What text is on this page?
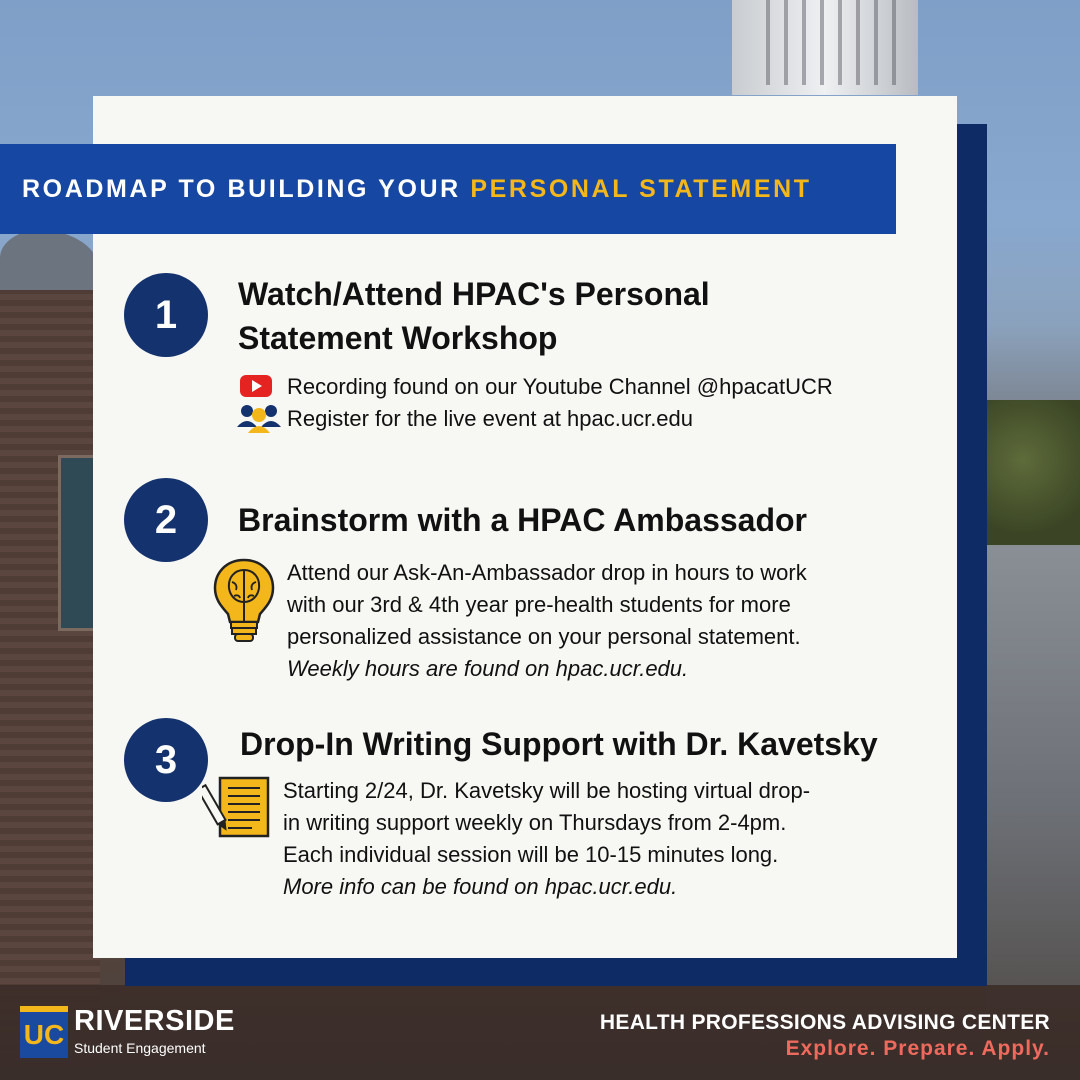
ROADMAP TO BUILDING YOUR PERSONAL STATEMENT
1	Watch/Attend HPAC's Personal
Statement Workshop
Recording found on our Youtube Channel @hpacatUCR
Register for the live event at hpac.ucr.edu
2	Brainstorm with a HPAC Ambassador
Attend our Ask-An-Ambassador drop in hours to work
with our 3rd & 4th year pre-health students for more
personalized assistance on your personal statement.
Weekly hours are found on hpac.ucr.edu.
3	Drop-In Writing Support with Dr. Kavetsky
Starting 2/24, Dr. Kavetsky will be hosting virtual drop-
in writing support weekly on Thursdays from 2-4pm.
Each individual session will be 10-15 minutes long.
More info can be found on hpac.ucr.edu.
UC RIVERSIDE
Student Engagement
HEALTH PROFESSIONS ADVISING CENTER
Explore. Prepare. Apply.
